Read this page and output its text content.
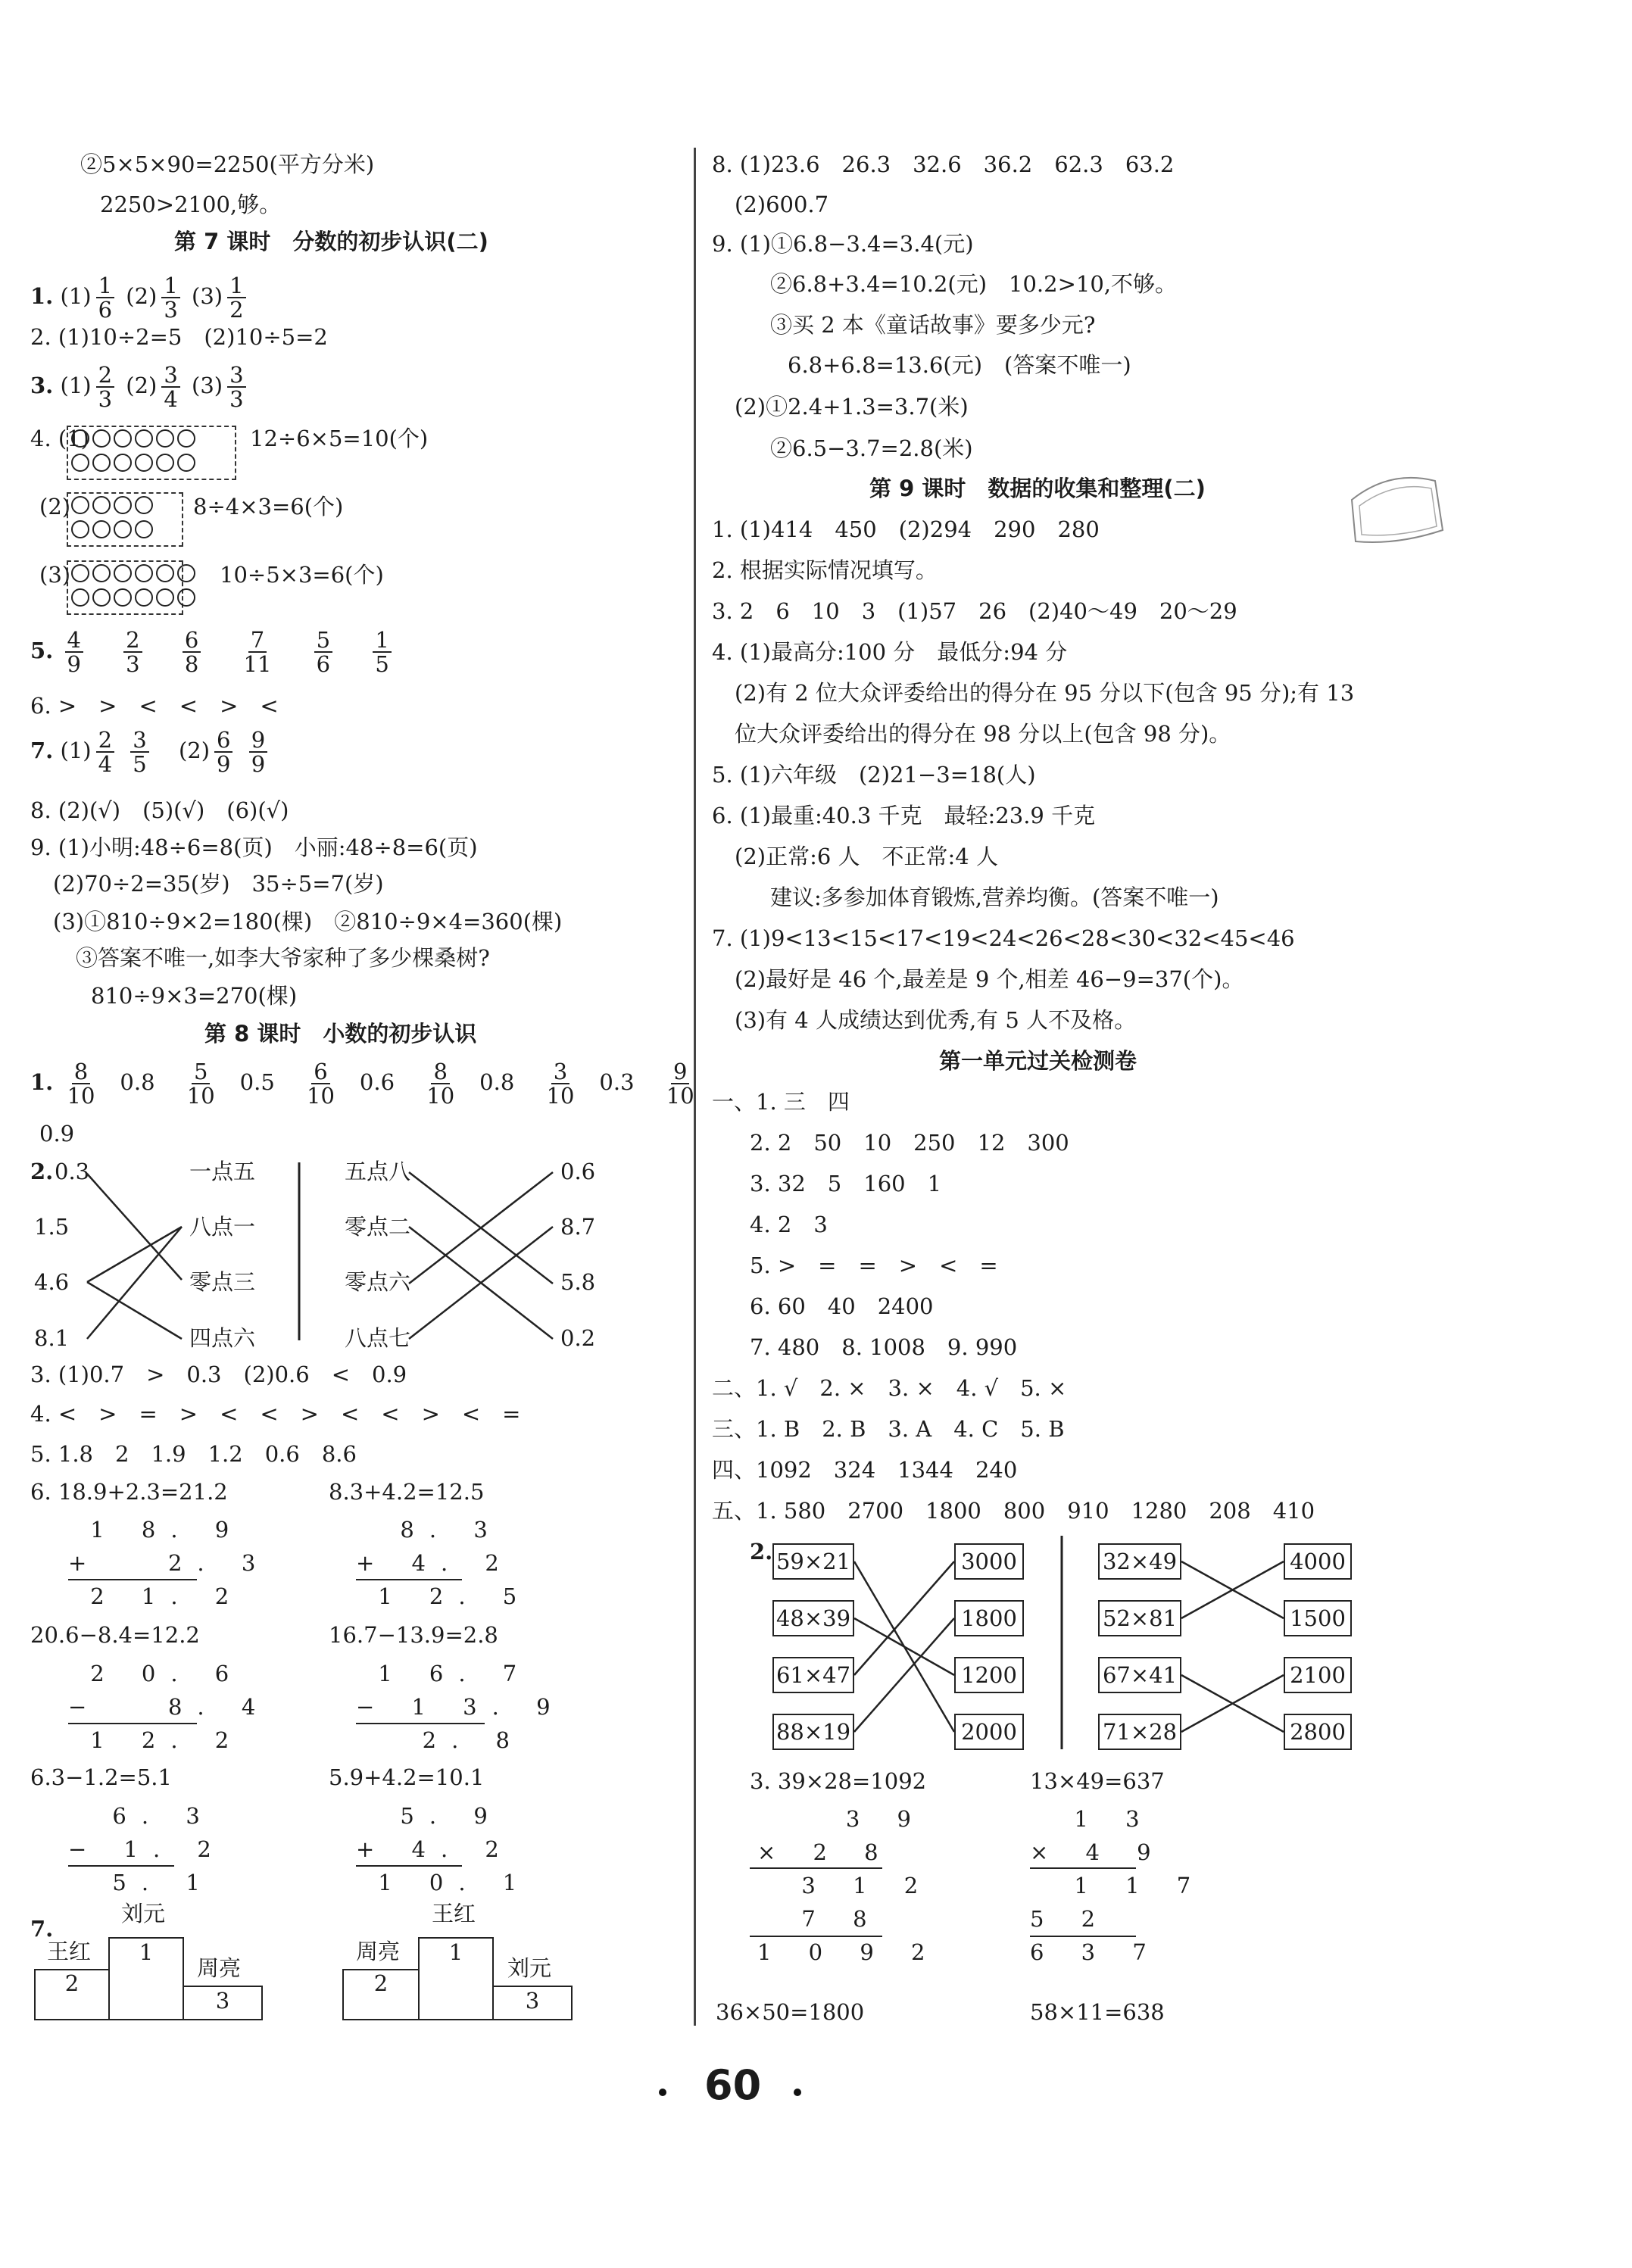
②5×5×90=2250(平方分米)
2250>2100,够。
第 7 课时　分数的初步认识(二)
1. $(1) \frac{1}{6} (2) \frac{1}{3} (3) \frac{1}{2}$
2. (1)10÷2=5　(2)10÷5=2
3. $(1) \frac{2}{3} (2) \frac{3}{4} (3) \frac{3}{3}$
4. (1)	12÷6×5=10(个)
(2)	8÷4×3=6(个)
(3)	10÷5×3=6(个)
5. $\frac{4}{9}$
$\frac{2}{3}$
$\frac{6}{8}$
$\frac{7}{11}$
$\frac{5}{6}$
$\frac{1}{5}$
6. >　>　<　<　>　<
7. $(1) \frac{2}{4}$
$\frac{3}{5} (2) \frac{6}{9}$
$\frac{9}{9}$
8. (2)(√)　(5)(√)　(6)(√)
9. (1)小明:48÷6=8(页)　小丽:48÷8=6(页)
(2)70÷2=35(岁)　35÷5=7(岁)
(3)①810÷9×2=180(棵)　②810÷9×4=360(棵)
③答案不唯一,如李大爷家种了多少棵桑树?
810÷9×3=270(棵)
第 8 课时　小数的初步认识
1. $\frac{8}{10} 0.8 \frac{5}{10} 0.5 \frac{6}{10} 0.6 \frac{8}{10} 0.8 \frac{3}{10} 0.3 \frac{9}{10}$
0.9
2. 0.3
1.5
4.6
8.1
一点五
八点一
零点三
四点六
五点八
零点二
零点六
八点七
0.6
8.7
5.8
0.2
3. (1)0.7　>　0.3　(2)0.6　<　0.9
4. <　>　=　>　<　<　>　<　<　>　<　=
5. 1.8　2　1.9　1.2　0.6　8.6
6. 18.9+2.3=21.2	8.3+4.2=12.5
1 8. 9
+   2. 3
2 1. 2
8. 3
+ 4. 2
1 2. 5
20.6−8.4=12.2	16.7−13.9=2.8
2 0. 6
−   8. 4
1 2. 2
1 6. 7
− 1 3. 9
2. 8
6.3−1.2=5.1	5.9+4.2=10.1
6. 3
− 1. 2
5. 1
5. 9
+ 4. 2
1 0. 1
7.
刘元
王红
周亮
1
2
3
王红
周亮
刘元
1
2
3
8. (1)23.6　26.3　32.6　36.2　62.3　63.2
(2)600.7
9. (1)①6.8−3.4=3.4(元)
②6.8+3.4=10.2(元)　10.2>10,不够。
③买 2 本《童话故事》要多少元?
6.8+6.8=13.6(元)　(答案不唯一)
(2)①2.4+1.3=3.7(米)
②6.5−3.7=2.8(米)
第 9 课时　数据的收集和整理(二)
1. (1)414　450　(2)294　290　280
2. 根据实际情况填写。
3. 2　6　10　3　(1)57　26　(2)40～49　20～29
4. (1)最高分:100 分　最低分:94 分
(2)有 2 位大众评委给出的得分在 95 分以下(包含 95 分);有 13
位大众评委给出的得分在 98 分以上(包含 98 分)。
5. (1)六年级　(2)21−3=18(人)
6. (1)最重:40.3 千克　最轻:23.9 千克
(2)正常:6 人　不正常:4 人
建议:多参加体育锻炼,营养均衡。(答案不唯一)
7. (1)9<13<15<17<19<24<26<28<30<32<45<46
(2)最好是 46 个,最差是 9 个,相差 46−9=37(个)。
(3)有 4 人成绩达到优秀,有 5 人不及格。
第一单元过关检测卷
一、1. 三　四
2. 2　50　10　250　12　300
3. 32　5　160　1
4. 2　3
5. >　=　=　>　<　=
6. 60　40　2400
7. 480　8. 1008　9. 990
二、1. √　2. ×　3. ×　4. √　5. ×
三、1. B　2. B　3. A　4. C　5. B
四、1092　324　1344　240
五、1. 580　2700　1800　800　910　1280　208　410
2. 59×21
48×39
61×47
88×19
3000
1800
1200
2000
32×49
52×81
67×41
71×28
4000
1500
2100
2800
3. 39×28=1092	13×49=637
3 9
× 2 8
3 1 2
7 8
1 0 9 2
1 3
× 4 9
1 1 7
5 2
6 3 7
36×50=1800	58×11=638
60
